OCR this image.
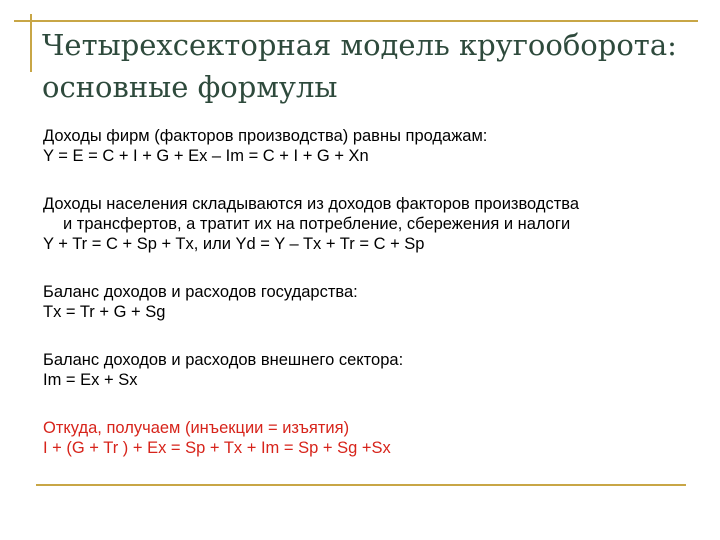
Четырехсекторная модель кругооборота:
основные формулы

Доходы фирм (факторов производства) равны продажам:

Y = E = C + I + G + Ex – Im = C + I + G + Xn

Доходы населения складываются из доходов факторов производства

и трансфертов, а тратит их на потребление, сбережения и налоги

Y + Tr = C + Sp + Tx, или Yd = Y – Tx + Tr = C + Sp

Баланс доходов и расходов государства:

Tx = Tr + G + Sg

Баланс доходов и расходов внешнего сектора:

Im = Ex + Sx

Откуда, получаем (инъекции = изъятия)

I + (G + Tr ) + Ex = Sp + Tx + Im = Sp + Sg +Sx
